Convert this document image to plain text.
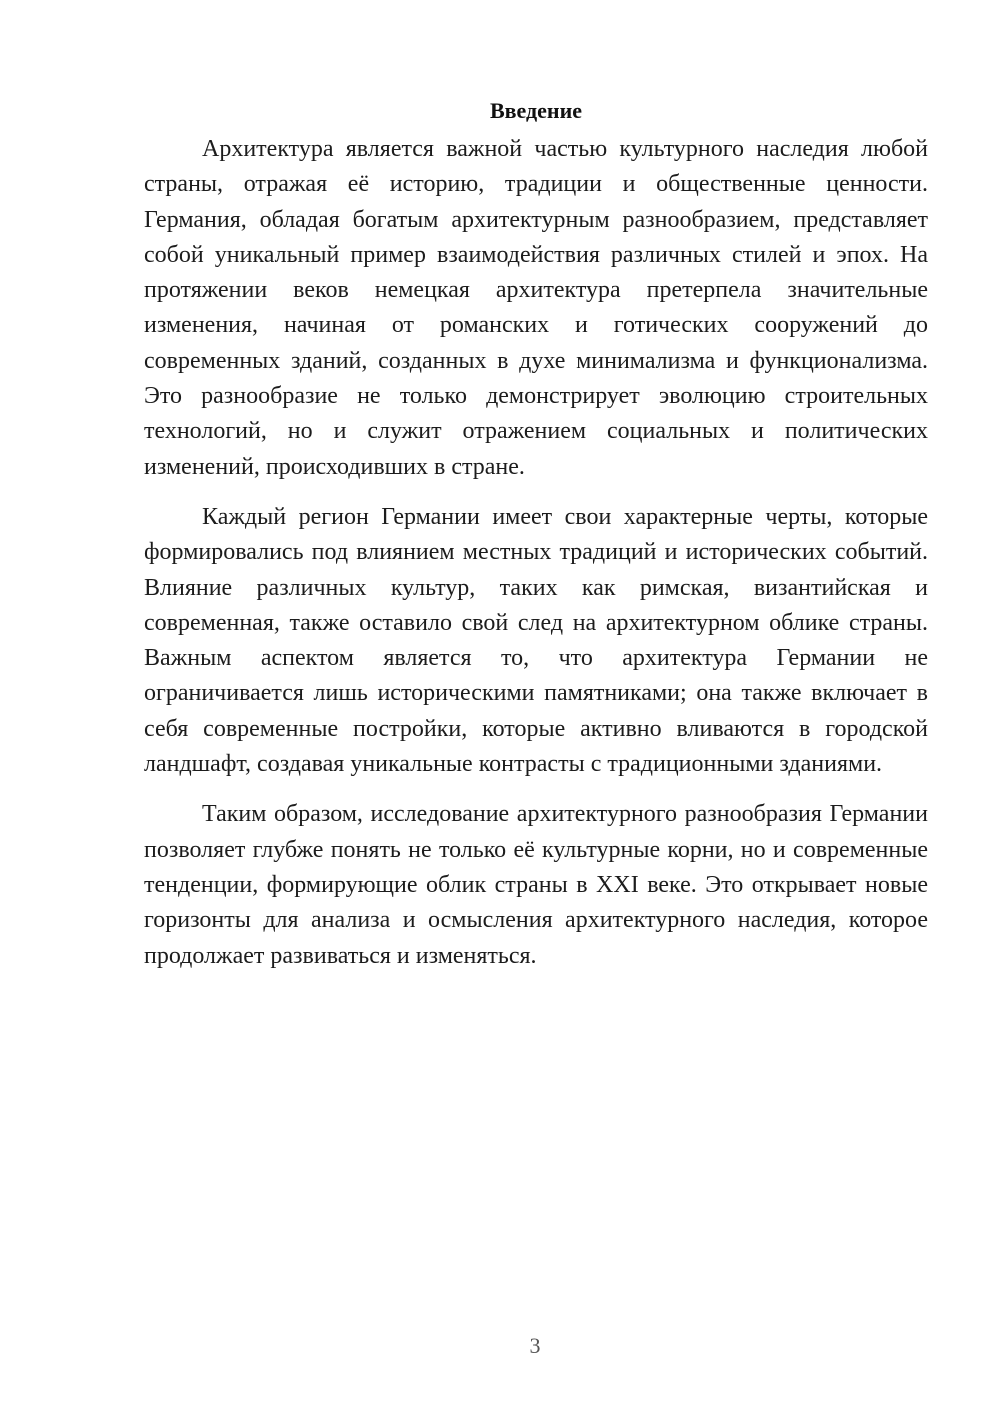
Введение

Архитектура является важной частью культурного наследия любой страны, отражая её историю, традиции и общественные ценности. Германия, обладая богатым архитектурным разнообразием, представляет собой уникальный пример взаимодействия различных стилей и эпох. На протяжении веков немецкая архитектура претерпела значительные изменения, начиная от романских и готических сооружений до современных зданий, созданных в духе минимализма и функционализма. Это разнообразие не только демонстрирует эволюцию строительных технологий, но и служит отражением социальных и политических изменений, происходивших в стране.

Каждый регион Германии имеет свои характерные черты, которые формировались под влиянием местных традиций и исторических событий. Влияние различных культур, таких как римская, византийская и современная, также оставило свой след на архитектурном облике страны. Важным аспектом является то, что архитектура Германии не ограничивается лишь историческими памятниками; она также включает в себя современные постройки, которые активно вливаются в городской ландшафт, создавая уникальные контрасты с традиционными зданиями.

Таким образом, исследование архитектурного разнообразия Германии позволяет глубже понять не только её культурные корни, но и современные тенденции, формирующие облик страны в XXI веке. Это открывает новые горизонты для анализа и осмысления архитектурного наследия, которое продолжает развиваться и изменяться.

3
